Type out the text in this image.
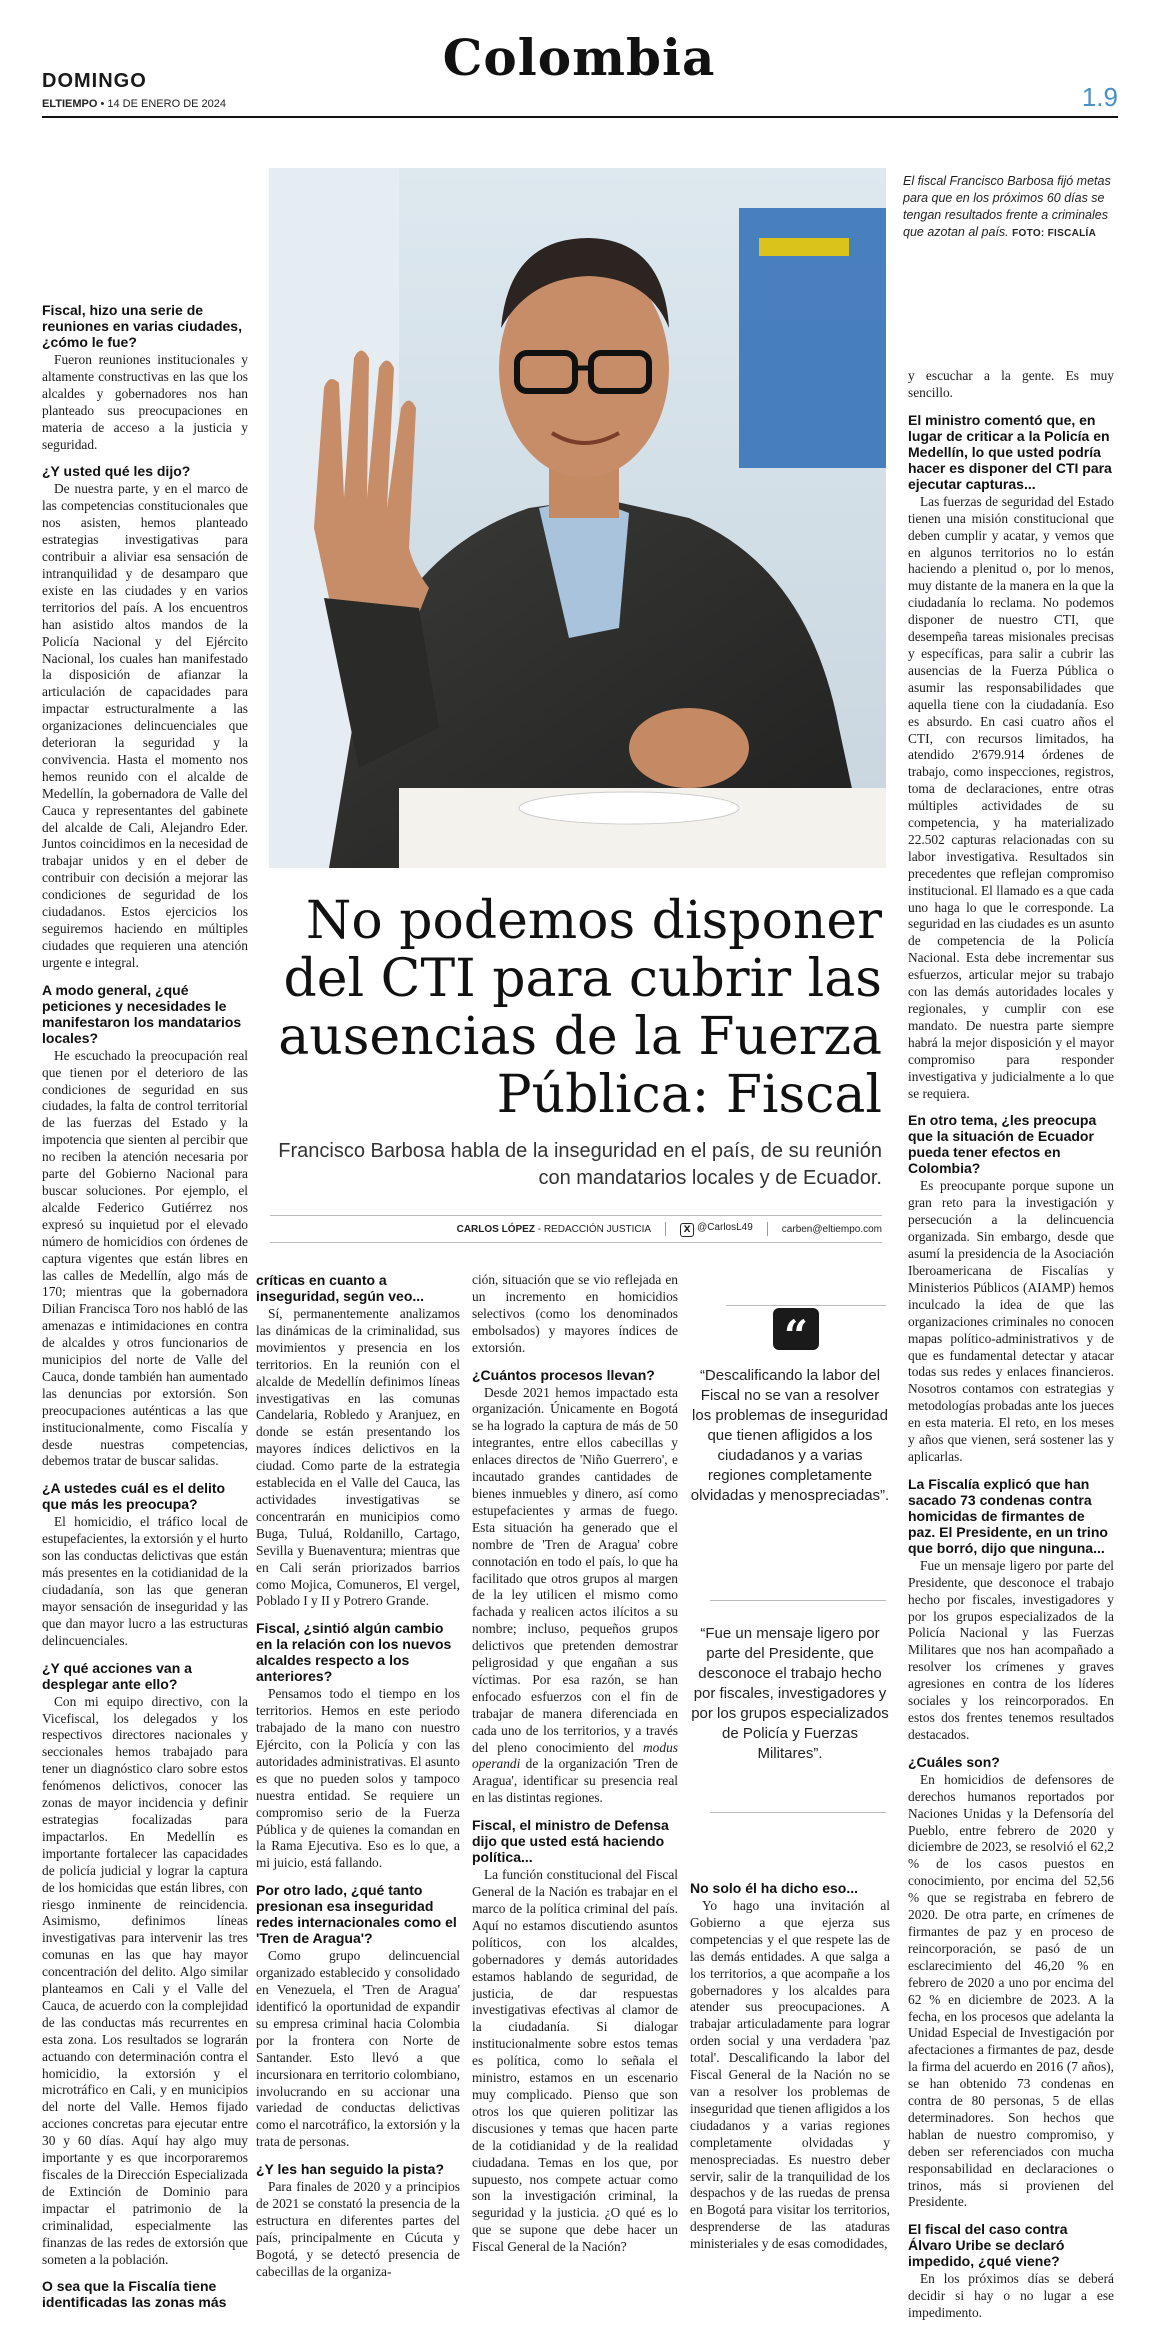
DOMINGO
ELTIEMPO • 14 DE ENERO DE 2024
Colombia
1.9
El fiscal Francisco Barbosa fijó metas para que en los próximos 60 días se tengan resultados frente a criminales que azotan al país. FOTO: FISCALÍA
No podemos disponer del CTI para cubrir las ausencias de la Fuerza Pública: Fiscal
Francisco Barbosa habla de la inseguridad en el país, de su reunión con mandatarios locales y de Ecuador.
CARLOS LÓPEZ - REDACCIÓN JUSTICIA	X @CarlosL49	carben@eltiempo.com
Fiscal, hizo una serie de reuniones en varias ciudades, ¿cómo le fue?

Fueron reuniones institucionales y altamente constructivas en las que los alcaldes y gobernadores nos han planteado sus preocupaciones en materia de acceso a la justicia y seguridad.

¿Y usted qué les dijo?

De nuestra parte, y en el marco de las competencias constitucionales que nos asisten, hemos planteado estrategias investigativas para contribuir a aliviar esa sensación de intranquilidad y de desamparo que existe en las ciudades y en varios territorios del país. A los encuentros han asistido altos mandos de la Policía Nacional y del Ejército Nacional, los cuales han manifestado la disposición de afianzar la articulación de capacidades para impactar estructuralmente a las organizaciones delincuenciales que deterioran la seguridad y la convivencia. Hasta el momento nos hemos reunido con el alcalde de Medellín, la gobernadora de Valle del Cauca y representantes del gabinete del alcalde de Cali, Alejandro Eder. Juntos coincidimos en la necesidad de trabajar unidos y en el deber de contribuir con decisión a mejorar las condiciones de seguridad de los ciudadanos. Estos ejercicios los seguiremos haciendo en múltiples ciudades que requieren una atención urgente e integral.

A modo general, ¿qué peticiones y necesidades le manifestaron los mandatarios locales?

He escuchado la preocupación real que tienen por el deterioro de las condiciones de seguridad en sus ciudades, la falta de control territorial de las fuerzas del Estado y la impotencia que sienten al percibir que no reciben la atención necesaria por parte del Gobierno Nacional para buscar soluciones. Por ejemplo, el alcalde Federico Gutiérrez nos expresó su inquietud por el elevado número de homicidios con órdenes de captura vigentes que están libres en las calles de Medellín, algo más de 170; mientras que la gobernadora Dilian Francisca Toro nos habló de las amenazas e intimidaciones en contra de alcaldes y otros funcionarios de municipios del norte de Valle del Cauca, donde también han aumentado las denuncias por extorsión. Son preocupaciones auténticas a las que institucionalmente, como Fiscalía y desde nuestras competencias, debemos tratar de buscar salidas.

¿A ustedes cuál es el delito que más les preocupa?

El homicidio, el tráfico local de estupefacientes, la extorsión y el hurto son las conductas delictivas que están más presentes en la cotidianidad de la ciudadanía, son las que generan mayor sensación de inseguridad y las que dan mayor lucro a las estructuras delincuenciales.

¿Y qué acciones van a desplegar ante ello?

Con mi equipo directivo, con la Vicefiscal, los delegados y los respectivos directores nacionales y seccionales hemos trabajado para tener un diagnóstico claro sobre estos fenómenos delictivos, conocer las zonas de mayor incidencia y definir estrategias focalizadas para impactarlos. En Medellín es importante fortalecer las capacidades de policía judicial y lograr la captura de los homicidas que están libres, con riesgo inminente de reincidencia. Asimismo, definimos líneas investigativas para intervenir las tres comunas en las que hay mayor concentración del delito. Algo similar planteamos en Cali y el Valle del Cauca, de acuerdo con la complejidad de las conductas más recurrentes en esta zona. Los resultados se lograrán actuando con determinación contra el homicidio, la extorsión y el microtráfico en Cali, y en municipios del norte del Valle. Hemos fijado acciones concretas para ejecutar entre 30 y 60 días. Aquí hay algo muy importante y es que incorporaremos fiscales de la Dirección Especializada de Extinción de Dominio para impactar el patrimonio de la criminalidad, especialmente las finanzas de las redes de extorsión que someten a la población.

O sea que la Fiscalía tiene identificadas las zonas más
críticas en cuanto a inseguridad, según veo...

Sí, permanentemente analizamos las dinámicas de la criminalidad, sus movimientos y presencia en los territorios. En la reunión con el alcalde de Medellín definimos líneas investigativas en las comunas Candelaria, Robledo y Aranjuez, en donde se están presentando los mayores índices delictivos en la ciudad. Como parte de la estrategia establecida en el Valle del Cauca, las actividades investigativas se concentrarán en municipios como Buga, Tuluá, Roldanillo, Cartago, Sevilla y Buenaventura; mientras que en Cali serán priorizados barrios como Mojica, Comuneros, El vergel, Poblado I y II y Potrero Grande.

Fiscal, ¿sintió algún cambio en la relación con los nuevos alcaldes respecto a los anteriores?

Pensamos todo el tiempo en los territorios. Hemos en este periodo trabajado de la mano con nuestro Ejército, con la Policía y con las autoridades administrativas. El asunto es que no pueden solos y tampoco nuestra entidad. Se requiere un compromiso serio de la Fuerza Pública y de quienes la comandan en la Rama Ejecutiva. Eso es lo que, a mi juicio, está fallando.

Por otro lado, ¿qué tanto presionan esa inseguridad redes internacionales como el 'Tren de Aragua'?

Como grupo delincuencial organizado establecido y consolidado en Venezuela, el 'Tren de Aragua' identificó la oportunidad de expandir su empresa criminal hacia Colombia por la frontera con Norte de Santander. Esto llevó a que incursionara en territorio colombiano, involucrando en su accionar una variedad de conductas delictivas como el narcotráfico, la extorsión y la trata de personas.

¿Y les han seguido la pista?

Para finales de 2020 y a principios de 2021 se constató la presencia de la estructura en diferentes partes del país, principalmente en Cúcuta y Bogotá, y se detectó presencia de cabecillas de la organiza-

ción, situación que se vio reflejada en un incremento en homicidios selectivos (como los denominados embolsados) y mayores índices de extorsión.

¿Cuántos procesos llevan?

Desde 2021 hemos impactado esta organización. Únicamente en Bogotá se ha logrado la captura de más de 50 integrantes, entre ellos cabecillas y enlaces directos de 'Niño Guerrero', e incautado grandes cantidades de bienes inmuebles y dinero, así como estupefacientes y armas de fuego. Esta situación ha generado que el nombre de 'Tren de Aragua' cobre connotación en todo el país, lo que ha facilitado que otros grupos al margen de la ley utilicen el mismo como fachada y realicen actos ilícitos a su nombre; incluso, pequeños grupos delictivos que pretenden demostrar peligrosidad y que engañan a sus víctimas. Por esa razón, se han enfocado esfuerzos con el fin de trabajar de manera diferenciada en cada uno de los territorios, y a través del pleno conocimiento del modus operandi de la organización 'Tren de Aragua', identificar su presencia real en las distintas regiones.

Fiscal, el ministro de Defensa dijo que usted está haciendo política...

La función constitucional del Fiscal General de la Nación es trabajar en el marco de la política criminal del país. Aquí no estamos discutiendo asuntos políticos, con los alcaldes, gobernadores y demás autoridades estamos hablando de seguridad, de justicia, de dar respuestas investigativas efectivas al clamor de la ciudadanía. Si dialogar institucionalmente sobre estos temas es política, como lo señala el ministro, estamos en un escenario muy complicado. Pienso que son otros los que quieren politizar las discusiones y temas que hacen parte de la cotidianidad y de la realidad ciudadana. Temas en los que, por supuesto, nos compete actuar como son la investigación criminal, la seguridad y la justicia. ¿O qué es lo que se supone que debe hacer un Fiscal General de la Nación?

“
“Descalificando la labor del Fiscal no se van a resolver los problemas de inseguridad que tienen afligidos a los ciudadanos y a varias regiones completamente olvidadas y menospreciadas”.
“Fue un mensaje ligero por parte del Presidente, que desconoce el trabajo hecho por fiscales, investigadores y por los grupos especializados de Policía y Fuerzas Militares”.
No solo él ha dicho eso...

Yo hago una invitación al Gobierno a que ejerza sus competencias y el que respete las de las demás entidades. A que salga a los territorios, a que acompañe a los gobernadores y los alcaldes para atender sus preocupaciones. A trabajar articuladamente para lograr orden social y una verdadera 'paz total'. Descalificando la labor del Fiscal General de la Nación no se van a resolver los problemas de inseguridad que tienen afligidos a los ciudadanos y a varias regiones completamente olvidadas y menospreciadas. Es nuestro deber servir, salir de la tranquilidad de los despachos y de las ruedas de prensa en Bogotá para visitar los territorios, desprenderse de las ataduras ministeriales y de esas comodidades,

y escuchar a la gente. Es muy sencillo.

El ministro comentó que, en lugar de criticar a la Policía en Medellín, lo que usted podría hacer es disponer del CTI para ejecutar capturas...

Las fuerzas de seguridad del Estado tienen una misión constitucional que deben cumplir y acatar, y vemos que en algunos territorios no lo están haciendo a plenitud o, por lo menos, muy distante de la manera en la que la ciudadanía lo reclama. No podemos disponer de nuestro CTI, que desempeña tareas misionales precisas y específicas, para salir a cubrir las ausencias de la Fuerza Pública o asumir las responsabilidades que aquella tiene con la ciudadanía. Eso es absurdo. En casi cuatro años el CTI, con recursos limitados, ha atendido 2'679.914 órdenes de trabajo, como inspecciones, registros, toma de declaraciones, entre otras múltiples actividades de su competencia, y ha materializado 22.502 capturas relacionadas con su labor investigativa. Resultados sin precedentes que reflejan compromiso institucional. El llamado es a que cada uno haga lo que le corresponde. La seguridad en las ciudades es un asunto de competencia de la Policía Nacional. Esta debe incrementar sus esfuerzos, articular mejor su trabajo con las demás autoridades locales y regionales, y cumplir con ese mandato. De nuestra parte siempre habrá la mejor disposición y el mayor compromiso para responder investigativa y judicialmente a lo que se requiera.

En otro tema, ¿les preocupa que la situación de Ecuador pueda tener efectos en Colombia?

Es preocupante porque supone un gran reto para la investigación y persecución a la delincuencia organizada. Sin embargo, desde que asumí la presidencia de la Asociación Iberoamericana de Fiscalías y Ministerios Públicos (AIAMP) hemos inculcado la idea de que las organizaciones criminales no conocen mapas político-administrativos y de que es fundamental detectar y atacar todas sus redes y enlaces financieros. Nosotros contamos con estrategias y metodologías probadas ante los jueces en esta materia. El reto, en los meses y años que vienen, será sostener las y aplicarlas.

La Fiscalía explicó que han sacado 73 condenas contra homicidas de firmantes de paz. El Presidente, en un trino que borró, dijo que ninguna...

Fue un mensaje ligero por parte del Presidente, que desconoce el trabajo hecho por fiscales, investigadores y por los grupos especializados de la Policía Nacional y las Fuerzas Militares que nos han acompañado a resolver los crímenes y graves agresiones en contra de los líderes sociales y los reincorporados. En estos dos frentes tenemos resultados destacados.

¿Cuáles son?

En homicidios de defensores de derechos humanos reportados por Naciones Unidas y la Defensoría del Pueblo, entre febrero de 2020 y diciembre de 2023, se resolvió el 62,2 % de los casos puestos en conocimiento, por encima del 52,56 % que se registraba en febrero de 2020. De otra parte, en crímenes de firmantes de paz y en proceso de reincorporación, se pasó de un esclarecimiento del 46,20 % en febrero de 2020 a uno por encima del 62 % en diciembre de 2023. A la fecha, en los procesos que adelanta la Unidad Especial de Investigación por afectaciones a firmantes de paz, desde la firma del acuerdo en 2016 (7 años), se han obtenido 73 condenas en contra de 80 personas, 5 de ellas determinadores. Son hechos que hablan de nuestro compromiso, y deben ser referenciados con mucha responsabilidad en declaraciones o trinos, más si provienen del Presidente.

El fiscal del caso contra Álvaro Uribe se declaró impedido, ¿qué viene?

En los próximos días se deberá decidir si hay o no lugar a ese impedimento.
